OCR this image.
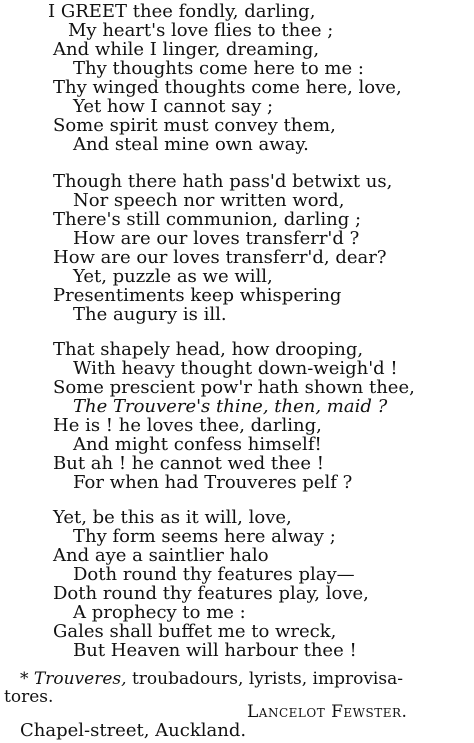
I GREET thee fondly, darling,
My heart's love flies to thee ;
And while I linger, dreaming,
Thy thoughts come here to me :
Thy winged thoughts come here, love,
Yet how I cannot say ;
Some spirit must convey them,
And steal mine own away.
Though there hath pass'd betwixt us,
Nor speech nor written word,
There's still communion, darling ;
How are our loves transferr'd ?
How are our loves transferr'd, dear?
Yet, puzzle as we will,
Presentiments keep whispering
The augury is ill.
That shapely head, how drooping,
With heavy thought down-weigh'd !
Some prescient pow'r hath shown thee,
The Trouvere's thine, then, maid ?
He is ! he loves thee, darling,
And might confess himself!
But ah ! he cannot wed thee !
For when had Trouveres pelf ?
Yet, be this as it will, love,
Thy form seems here alway ;
And aye a saintlier halo
Doth round thy features play—
Doth round thy features play, love,
A prophecy to me :
Gales shall buffet me to wreck,
But Heaven will harbour thee !
* Trouveres, troubadours, lyrists, improvisa-
tores.
Lancelot Fewster.
Chapel-street, Auckland.
